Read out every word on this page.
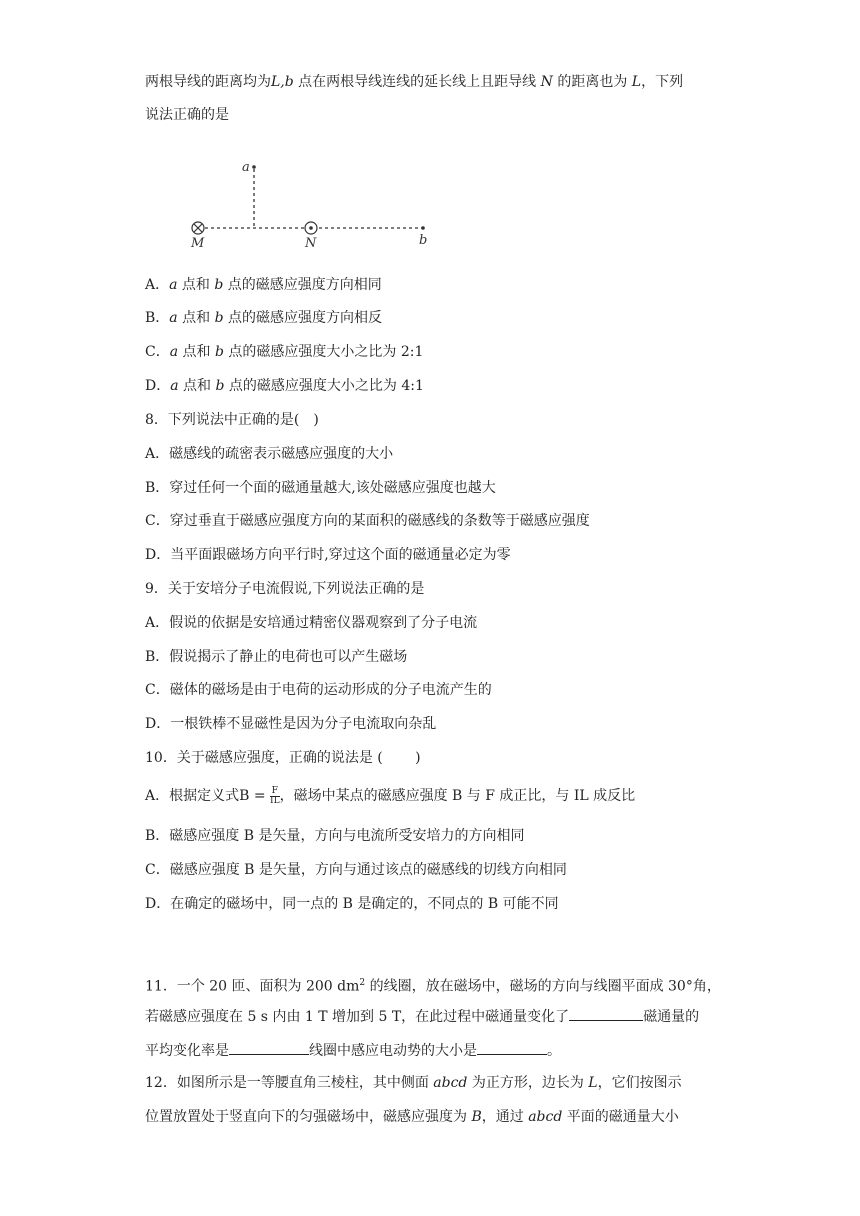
两根导线的距离均为L,b 点在两根导线连线的延长线上且距导线 N 的距离也为 L，下列
说法正确的是
a
M	N	b
A．a 点和 b 点的磁感应强度方向相同
B．a 点和 b 点的磁感应强度方向相反
C．a 点和 b 点的磁感应强度大小之比为 2:1
D．a 点和 b 点的磁感应强度大小之比为 4:1
8．下列说法中正确的是(　)
A．磁感线的疏密表示磁感应强度的大小
B．穿过任何一个面的磁通量越大,该处磁感应强度也越大
C．穿过垂直于磁感应强度方向的某面积的磁感线的条数等于磁感应强度
D．当平面跟磁场方向平行时,穿过这个面的磁通量必定为零
9．关于安培分子电流假说,下列说法正确的是
A．假说的依据是安培通过精密仪器观察到了分子电流
B．假说揭示了静止的电荷也可以产生磁场
C．磁体的磁场是由于电荷的运动形成的分子电流产生的
D．一根铁棒不显磁性是因为分子电流取向杂乱
10．关于磁感应强度，正确的说法是 (　　 )
A．根据定义式$B = \frac{F}{IL}$ ，磁场中某点的磁感应强度 B 与 F 成正比，与 IL 成反比
B．磁感应强度 B 是矢量，方向与电流所受安培力的方向相同
C．磁感应强度 B 是矢量，方向与通过该点的磁感线的切线方向相同
D．在确定的磁场中，同一点的 B 是确定的，不同点的 B 可能不同
11．一个 20 匝、面积为 200 $dm^2$ 的线圈，放在磁场中，磁场的方向与线圈平面成 30°角，
若磁感应强度在 5 s 内由 1 T 增加到 5 T，在此过程中磁通量变化了	磁通量的
平均变化率是	线圈中感应电动势的大小是	。
12．如图所示是一等腰直角三棱柱，其中侧面 abcd 为正方形，边长为 L，它们按图示
位置放置处于竖直向下的匀强磁场中，磁感应强度为 B，通过 abcd 平面的磁通量大小
